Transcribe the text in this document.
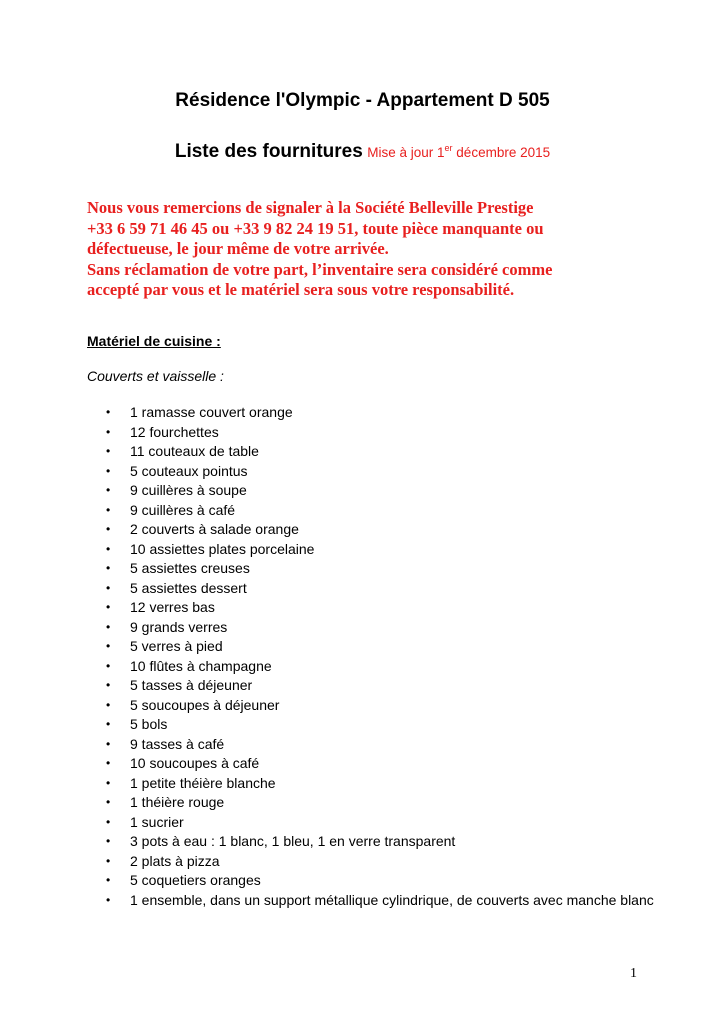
Résidence l'Olympic - Appartement D 505
Liste des fournitures Mise à jour 1er décembre 2015

Nous vous remercions de signaler à la Société Belleville Prestige

+33 6 59 71 46 45 ou +33 9 82 24 19 51, toute pièce manquante ou

défectueuse, le jour même de votre arrivée.

Sans réclamation de votre part, l’inventaire sera considéré comme

accepté par vous et le matériel sera sous votre responsabilité.

Matériel de cuisine :
Couverts et vaisselle :
• 1 ramasse couvert orange
• 12 fourchettes
• 11 couteaux de table
• 5 couteaux pointus
• 9 cuillères à soupe
• 9 cuillères à café
• 2 couverts à salade orange
• 10 assiettes plates porcelaine
• 5 assiettes creuses
• 5 assiettes dessert
• 12 verres bas
• 9 grands verres
• 5 verres à pied
• 10 flûtes à champagne
• 5 tasses à déjeuner
• 5 soucoupes à déjeuner
• 5 bols
• 9 tasses à café
• 10 soucoupes à café
• 1 petite théière blanche
• 1 théière rouge
• 1 sucrier
• 3 pots à eau : 1 blanc, 1 bleu, 1 en verre transparent
• 2 plats à pizza
• 5 coquetiers oranges
• 1 ensemble, dans un support métallique cylindrique, de couverts avec manche blanc
1
